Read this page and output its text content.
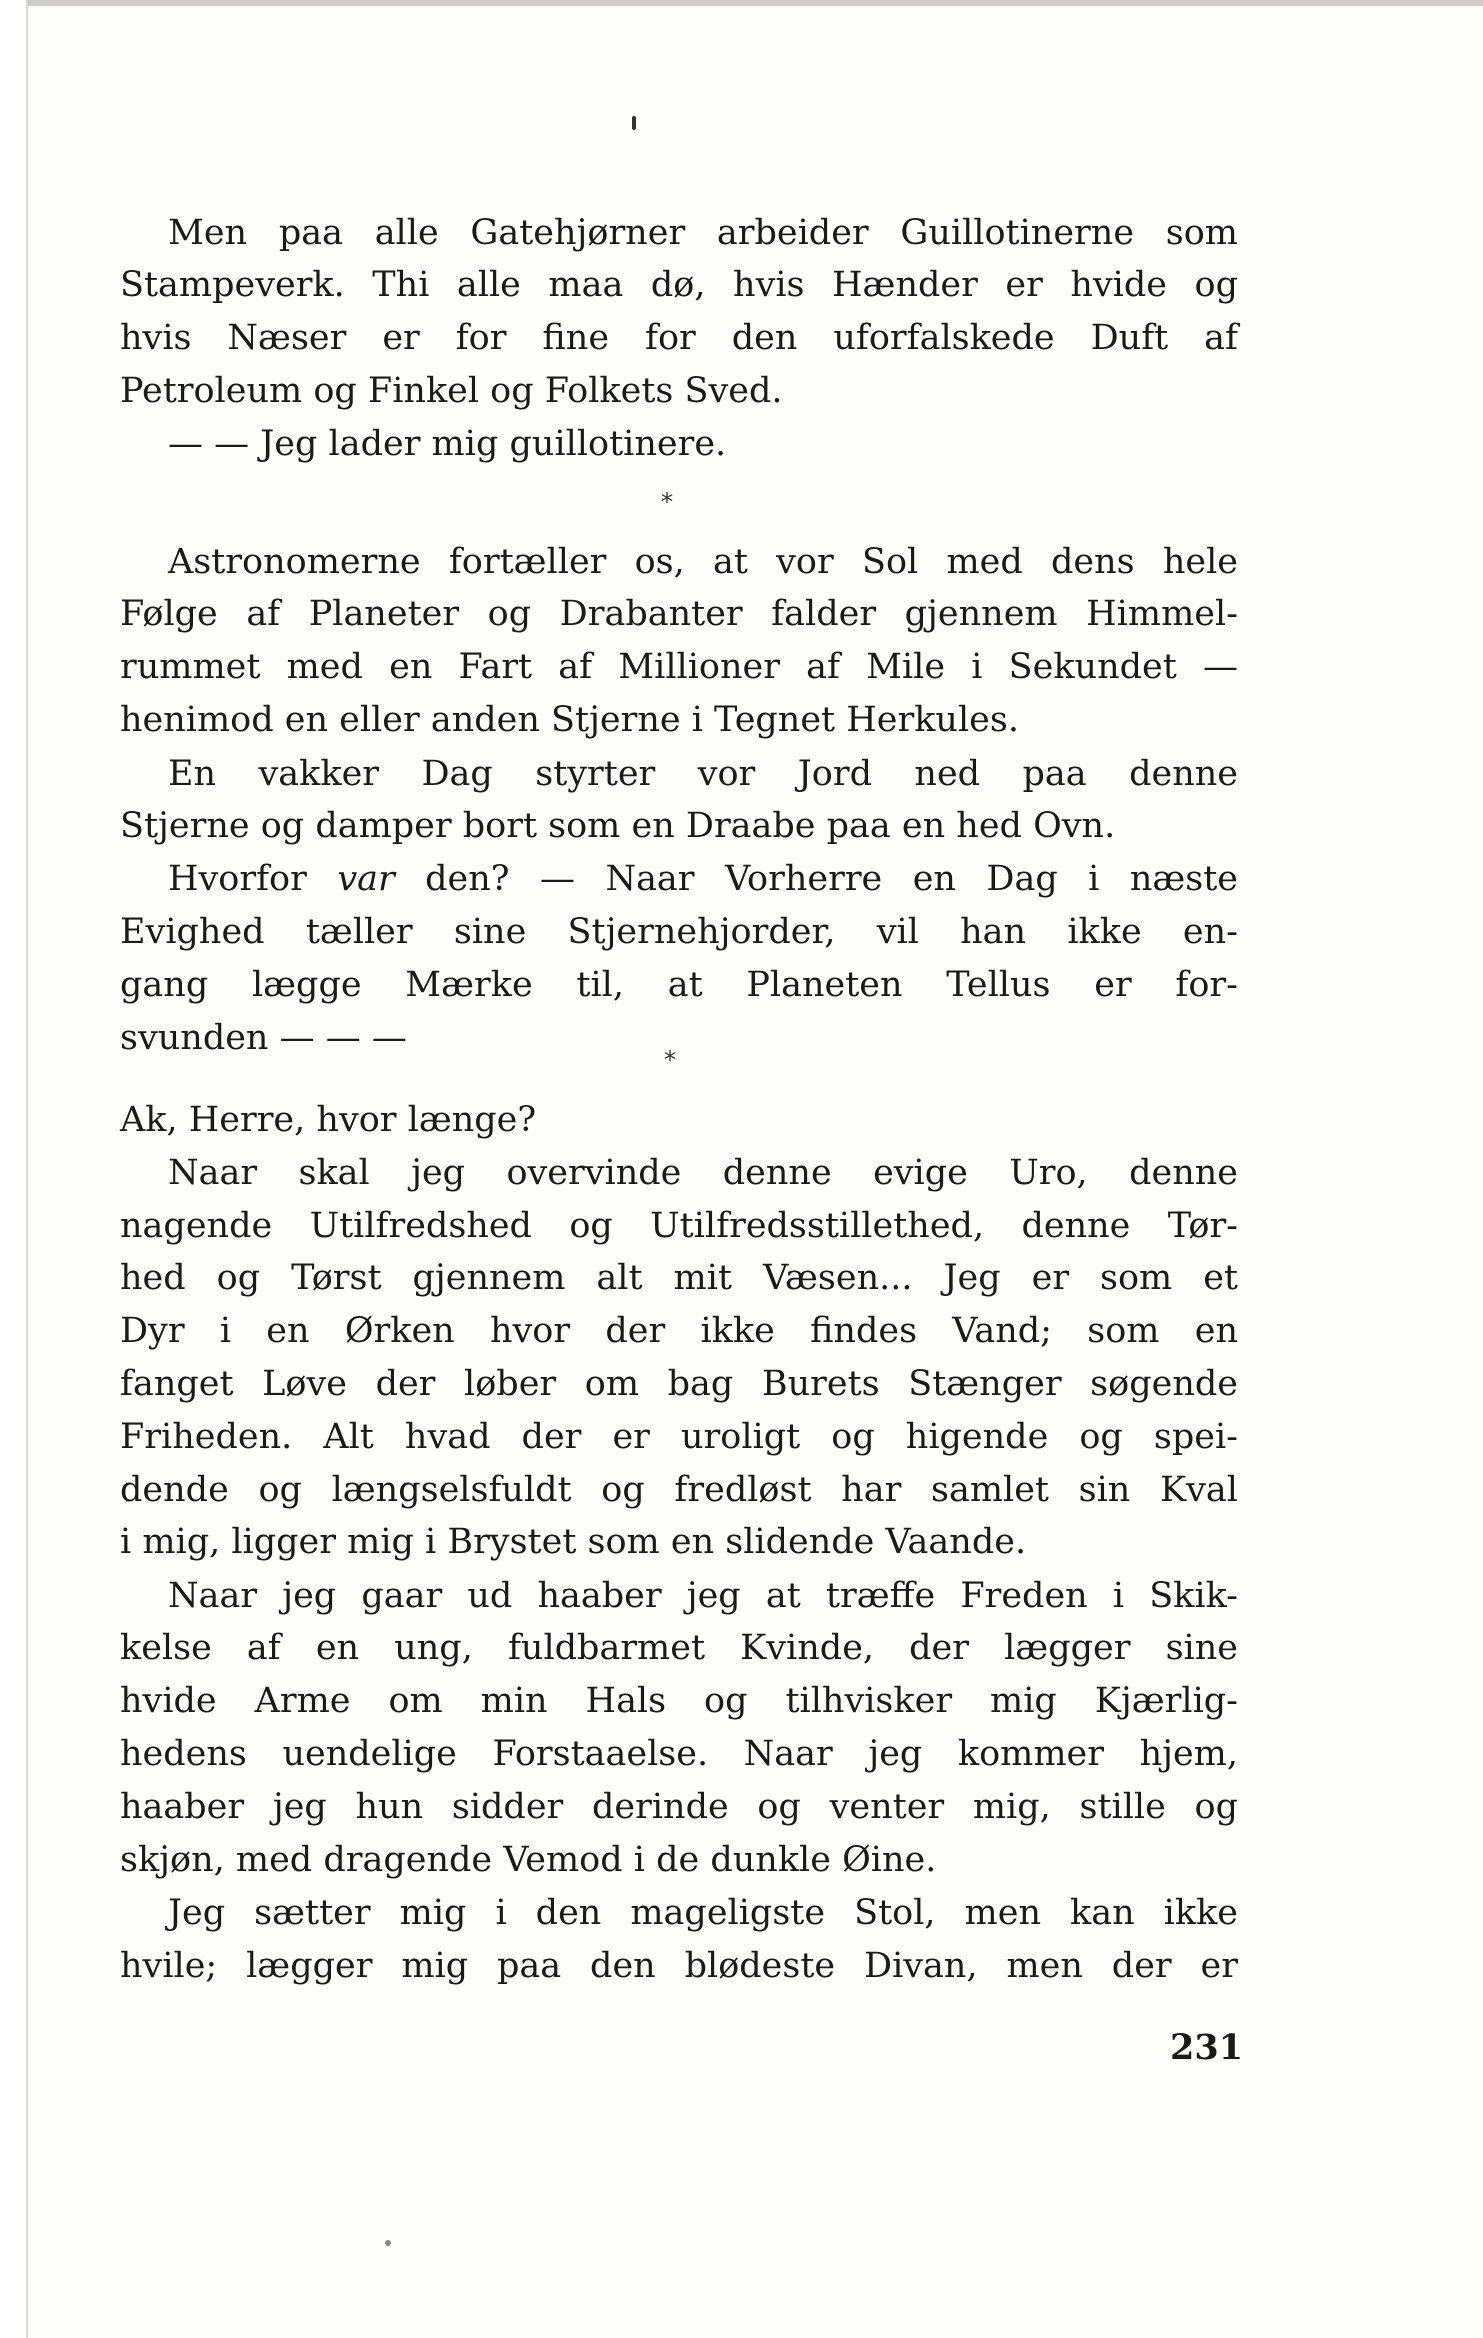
Men paa alle Gatehjørner arbeider Guillotinerne som
Stampeverk. Thi alle maa dø, hvis Hænder er hvide og
hvis Næser er for fine for den uforfalskede Duft af
Petroleum og Finkel og Folkets Sved.
— — Jeg lader mig guillotinere.
*
Astronomerne fortæller os, at vor Sol med dens hele
Følge af Planeter og Drabanter falder gjennem Himmel-
rummet med en Fart af Millioner af Mile i Sekundet —
henimod en eller anden Stjerne i Tegnet Herkules.
En vakker Dag styrter vor Jord ned paa denne
Stjerne og damper bort som en Draabe paa en hed Ovn.
Hvorfor var den? — Naar Vorherre en Dag i næste
Evighed tæller sine Stjernehjorder, vil han ikke en-
gang lægge Mærke til, at Planeten Tellus er for-
svunden — — —
*
Ak, Herre, hvor længe?
Naar skal jeg overvinde denne evige Uro, denne
nagende Utilfredshed og Utilfredsstillethed, denne Tør-
hed og Tørst gjennem alt mit Væsen... Jeg er som et
Dyr i en Ørken hvor der ikke findes Vand; som en
fanget Løve der løber om bag Burets Stænger søgende
Friheden. Alt hvad der er uroligt og higende og spei-
dende og længselsfuldt og fredløst har samlet sin Kval
i mig, ligger mig i Brystet som en slidende Vaande.
Naar jeg gaar ud haaber jeg at træffe Freden i Skik-
kelse af en ung, fuldbarmet Kvinde, der lægger sine
hvide Arme om min Hals og tilhvisker mig Kjærlig-
hedens uendelige Forstaaelse. Naar jeg kommer hjem,
haaber jeg hun sidder derinde og venter mig, stille og
skjøn, med dragende Vemod i de dunkle Øine.
Jeg sætter mig i den mageligste Stol, men kan ikke
hvile; lægger mig paa den blødeste Divan, men der er
231
